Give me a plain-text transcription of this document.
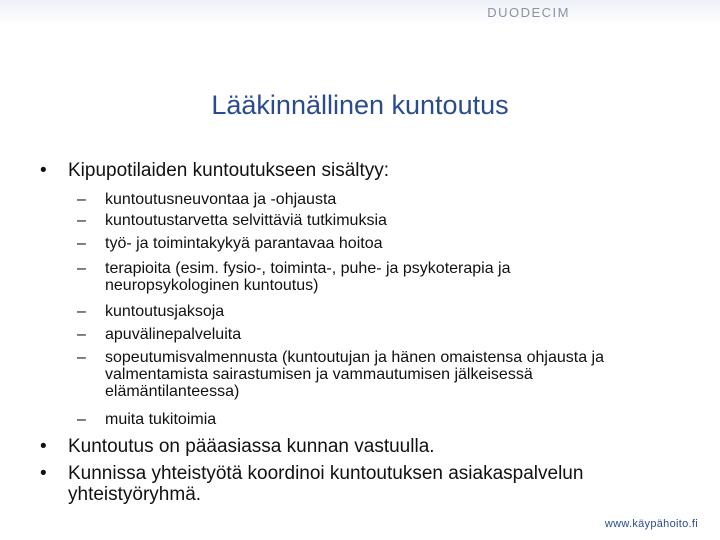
DUODECIM
Lääkinnällinen kuntoutus
•	Kipupotilaiden kuntoutukseen sisältyy:
–	kuntoutusneuvontaa ja -ohjausta
–	kuntoutustarvetta selvittäviä tutkimuksia
–	työ- ja toimintakykyä parantavaa hoitoa
–	terapioita (esim. fysio-, toiminta-, puhe- ja psykoterapia ja neuropsykologinen kuntoutus)
–	kuntoutusjaksoja
–	apuvälinepalveluita
–	sopeutumisvalmennusta (kuntoutujan ja hänen omaistensa ohjausta ja valmentamista sairastumisen ja vammautumisen jälkeisessä elämäntilanteessa)
–	muita tukitoimia
•	Kuntoutus on pääasiassa kunnan vastuulla.
•	Kunnissa yhteistyötä koordinoi kuntoutuksen asiakaspalvelun yhteistyöryhmä.
www.käypähoito.fi
